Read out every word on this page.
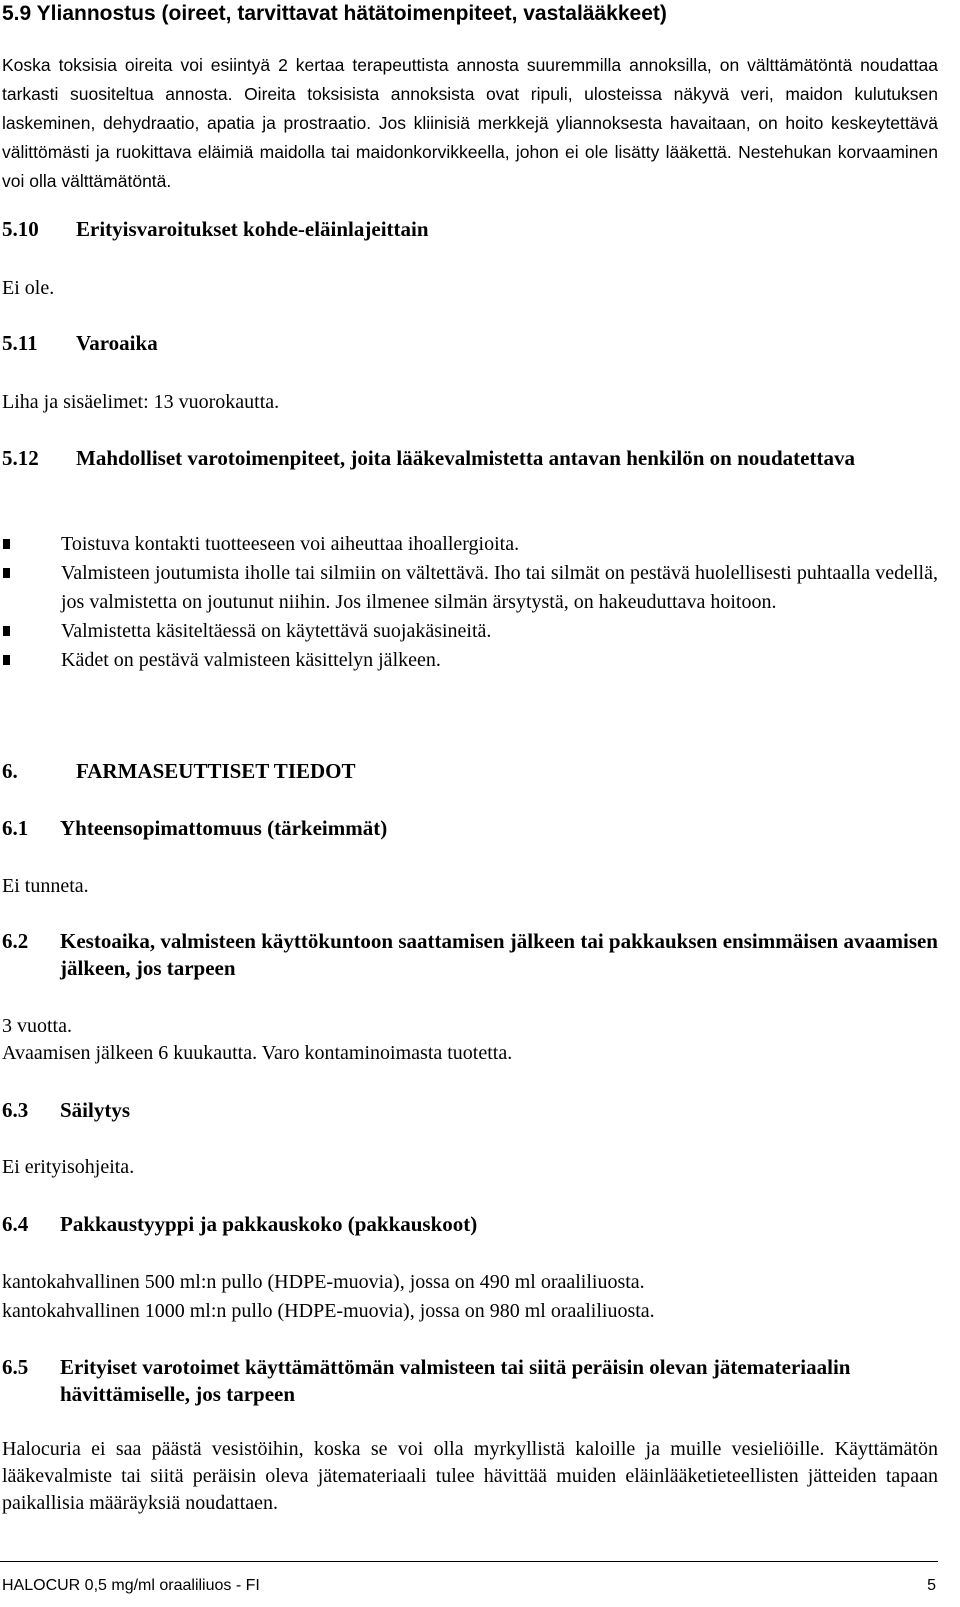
5.9 Yliannostus (oireet, tarvittavat hätätoimenpiteet, vastalääkkeet)

Koska toksisia oireita voi esiintyä 2 kertaa terapeuttista annosta suuremmilla annoksilla, on välttämätöntä noudattaa tarkasti suositeltua annosta. Oireita toksisista annoksista ovat ripuli, ulosteissa näkyvä veri, maidon kulutuksen laskeminen, dehydraatio, apatia ja prostraatio. Jos kliinisiä merkkejä yliannoksesta havaitaan, on hoito keskeytettävä välittömästi ja ruokittava eläimiä maidolla tai maidonkorvikkeella, johon ei ole lisätty lääkettä. Nestehukan korvaaminen voi olla välttämätöntä.

5.10	Erityisvaroitukset kohde-eläinlajeittain

Ei ole.

5.11	Varoaika

Liha ja sisäelimet: 13 vuorokautta.

5.12 Mahdolliset varotoimenpiteet, joita lääkevalmistetta antavan henkilön on noudatettava
Toistuva kontakti tuotteeseen voi aiheuttaa ihoallergioita.
Valmisteen joutumista iholle tai silmiin on vältettävä. Iho tai silmät on pestävä huolellisesti puhtaalla vedellä, jos valmistetta on joutunut niihin. Jos ilmenee silmän ärsytystä, on hakeuduttava hoitoon.
Valmistetta käsiteltäessä on käytettävä suojakäsineitä.
Kädet on pestävä valmisteen käsittelyn jälkeen.
6.	FARMASEUTTISET TIEDOT
6.1	Yhteensopimattomuus (tärkeimmät)

Ei tunneta.

6.2 Kestoaika, valmisteen käyttökuntoon saattamisen jälkeen tai pakkauksen ensimmäisen avaamisen jälkeen, jos tarpeen

3 vuotta.
Avaamisen jälkeen 6 kuukautta. Varo kontaminoimasta tuotetta.

6.3	Säilytys

Ei erityisohjeita.

6.4	Pakkaustyyppi ja pakkauskoko (pakkauskoot)

kantokahvallinen 500 ml:n pullo (HDPE-muovia), jossa on 490 ml oraaliliuosta.
kantokahvallinen 1000 ml:n pullo (HDPE-muovia), jossa on 980 ml oraaliliuosta.

6.5 Erityiset varotoimet käyttämättömän valmisteen tai siitä peräisin olevan jätemateriaalin hävittämiselle, jos tarpeen

Halocuria ei saa päästä vesistöihin, koska se voi olla myrkyllistä kaloille ja muille vesieliöille. Käyttämätön lääkevalmiste tai siitä peräisin oleva jätemateriaali tulee hävittää muiden eläinlääketieteellisten jätteiden tapaan paikallisia määräyksiä noudattaen.

HALOCUR 0,5 mg/ml oraaliliuos - FI	5
